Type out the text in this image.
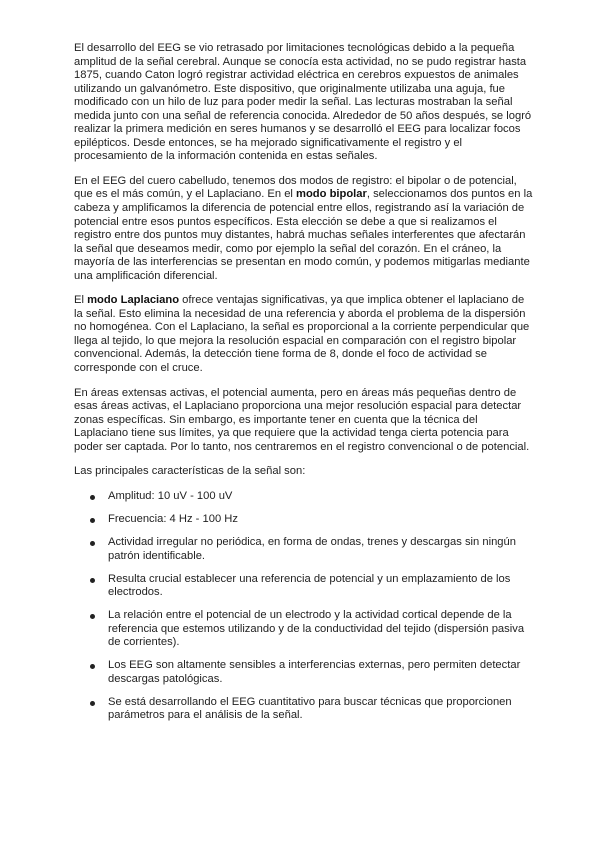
El desarrollo del EEG se vio retrasado por limitaciones tecnológicas debido a la pequeña amplitud de la señal cerebral. Aunque se conocía esta actividad, no se pudo registrar hasta 1875, cuando Caton logró registrar actividad eléctrica en cerebros expuestos de animales utilizando un galvanómetro. Este dispositivo, que originalmente utilizaba una aguja, fue modificado con un hilo de luz para poder medir la señal. Las lecturas mostraban la señal medida junto con una señal de referencia conocida. Alrededor de 50 años después, se logró realizar la primera medición en seres humanos y se desarrolló el EEG para localizar focos epilépticos. Desde entonces, se ha mejorado significativamente el registro y el procesamiento de la información contenida en estas señales.

En el EEG del cuero cabelludo, tenemos dos modos de registro: el bipolar o de potencial, que es el más común, y el Laplaciano. En el modo bipolar, seleccionamos dos puntos en la cabeza y amplificamos la diferencia de potencial entre ellos, registrando así la variación de potencial entre esos puntos específicos. Esta elección se debe a que si realizamos el registro entre dos puntos muy distantes, habrá muchas señales interferentes que afectarán la señal que deseamos medir, como por ejemplo la señal del corazón. En el cráneo, la mayoría de las interferencias se presentan en modo común, y podemos mitigarlas mediante una amplificación diferencial.

El modo Laplaciano ofrece ventajas significativas, ya que implica obtener el laplaciano de la señal. Esto elimina la necesidad de una referencia y aborda el problema de la dispersión no homogénea. Con el Laplaciano, la señal es proporcional a la corriente perpendicular que llega al tejido, lo que mejora la resolución espacial en comparación con el registro bipolar convencional. Además, la detección tiene forma de 8, donde el foco de actividad se corresponde con el cruce.

En áreas extensas activas, el potencial aumenta, pero en áreas más pequeñas dentro de esas áreas activas, el Laplaciano proporciona una mejor resolución espacial para detectar zonas específicas. Sin embargo, es importante tener en cuenta que la técnica del Laplaciano tiene sus límites, ya que requiere que la actividad tenga cierta potencia para poder ser captada. Por lo tanto, nos centraremos en el registro convencional o de potencial.

Las principales características de la señal son:

Amplitud: 10 uV - 100 uV
Frecuencia: 4 Hz - 100 Hz
Actividad irregular no periódica, en forma de ondas, trenes y descargas sin ningún patrón identificable.
Resulta crucial establecer una referencia de potencial y un emplazamiento de los electrodos.
La relación entre el potencial de un electrodo y la actividad cortical depende de la referencia que estemos utilizando y de la conductividad del tejido (dispersión pasiva de corrientes).
Los EEG son altamente sensibles a interferencias externas, pero permiten detectar descargas patológicas.
Se está desarrollando el EEG cuantitativo para buscar técnicas que proporcionen parámetros para el análisis de la señal.
